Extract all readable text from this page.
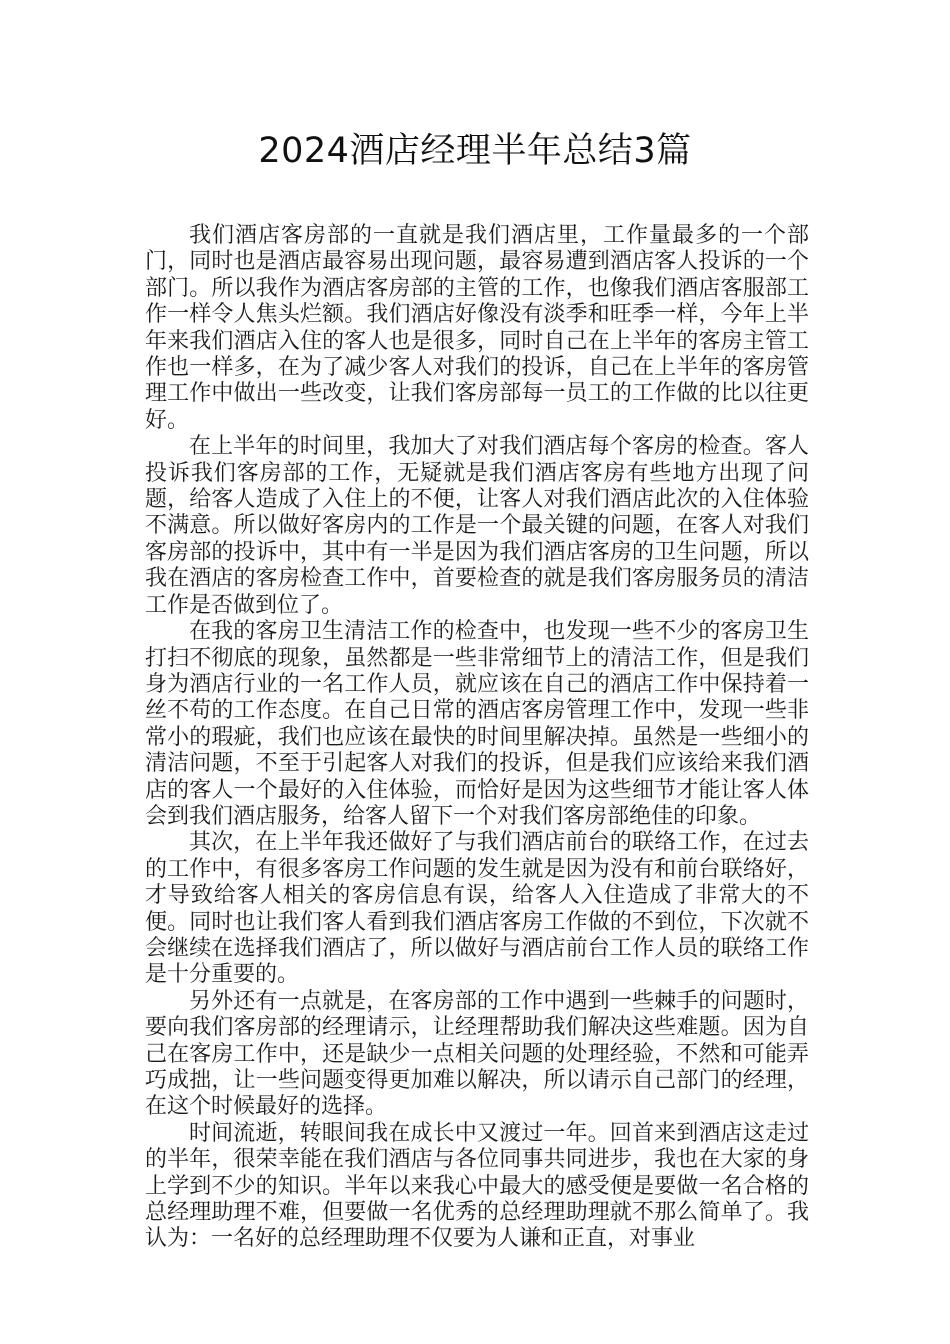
2024酒店经理半年总结3篇

我们酒店客房部的一直就是我们酒店里，工作量最多的一个部门，同时也是酒店最容易出现问题，最容易遭到酒店客人投诉的一个部门。所以我作为酒店客房部的主管的工作，也像我们酒店客服部工作一样令人焦头烂额。我们酒店好像没有淡季和旺季一样，今年上半年来我们酒店入住的客人也是很多，同时自己在上半年的客房主管工作也一样多，在为了减少客人对我们的投诉，自己在上半年的客房管理工作中做出一些改变，让我们客房部每一员工的工作做的比以往更好。

在上半年的时间里，我加大了对我们酒店每个客房的检查。客人投诉我们客房部的工作，无疑就是我们酒店客房有些地方出现了问题，给客人造成了入住上的不便，让客人对我们酒店此次的入住体验不满意。所以做好客房内的工作是一个最关键的问题，在客人对我们客房部的投诉中，其中有一半是因为我们酒店客房的卫生问题，所以我在酒店的客房检查工作中，首要检查的就是我们客房服务员的清洁工作是否做到位了。

在我的客房卫生清洁工作的检查中，也发现一些不少的客房卫生打扫不彻底的现象，虽然都是一些非常细节上的清洁工作，但是我们身为酒店行业的一名工作人员，就应该在自己的酒店工作中保持着一丝不苟的工作态度。在自己日常的酒店客房管理工作中，发现一些非常小的瑕疵，我们也应该在最快的时间里解决掉。虽然是一些细小的清洁问题，不至于引起客人对我们的投诉，但是我们应该给来我们酒店的客人一个最好的入住体验，而恰好是因为这些细节才能让客人体会到我们酒店服务，给客人留下一个对我们客房部绝佳的印象。

其次，在上半年我还做好了与我们酒店前台的联络工作，在过去的工作中，有很多客房工作问题的发生就是因为没有和前台联络好，才导致给客人相关的客房信息有误，给客人入住造成了非常大的不便。同时也让我们客人看到我们酒店客房工作做的不到位，下次就不会继续在选择我们酒店了，所以做好与酒店前台工作人员的联络工作是十分重要的。

另外还有一点就是，在客房部的工作中遇到一些棘手的问题时，要向我们客房部的经理请示，让经理帮助我们解决这些难题。因为自己在客房工作中，还是缺少一点相关问题的处理经验，不然和可能弄巧成拙，让一些问题变得更加难以解决，所以请示自己部门的经理，在这个时候最好的选择。

时间流逝，转眼间我在成长中又渡过一年。回首来到酒店这走过的半年，很荣幸能在我们酒店与各位同事共同进步，我也在大家的身上学到不少的知识。半年以来我心中最大的感受便是要做一名合格的总经理助理不难，但要做一名优秀的总经理助理就不那么简单了。我认为：一名好的总经理助理不仅要为人谦和正直，对事业
